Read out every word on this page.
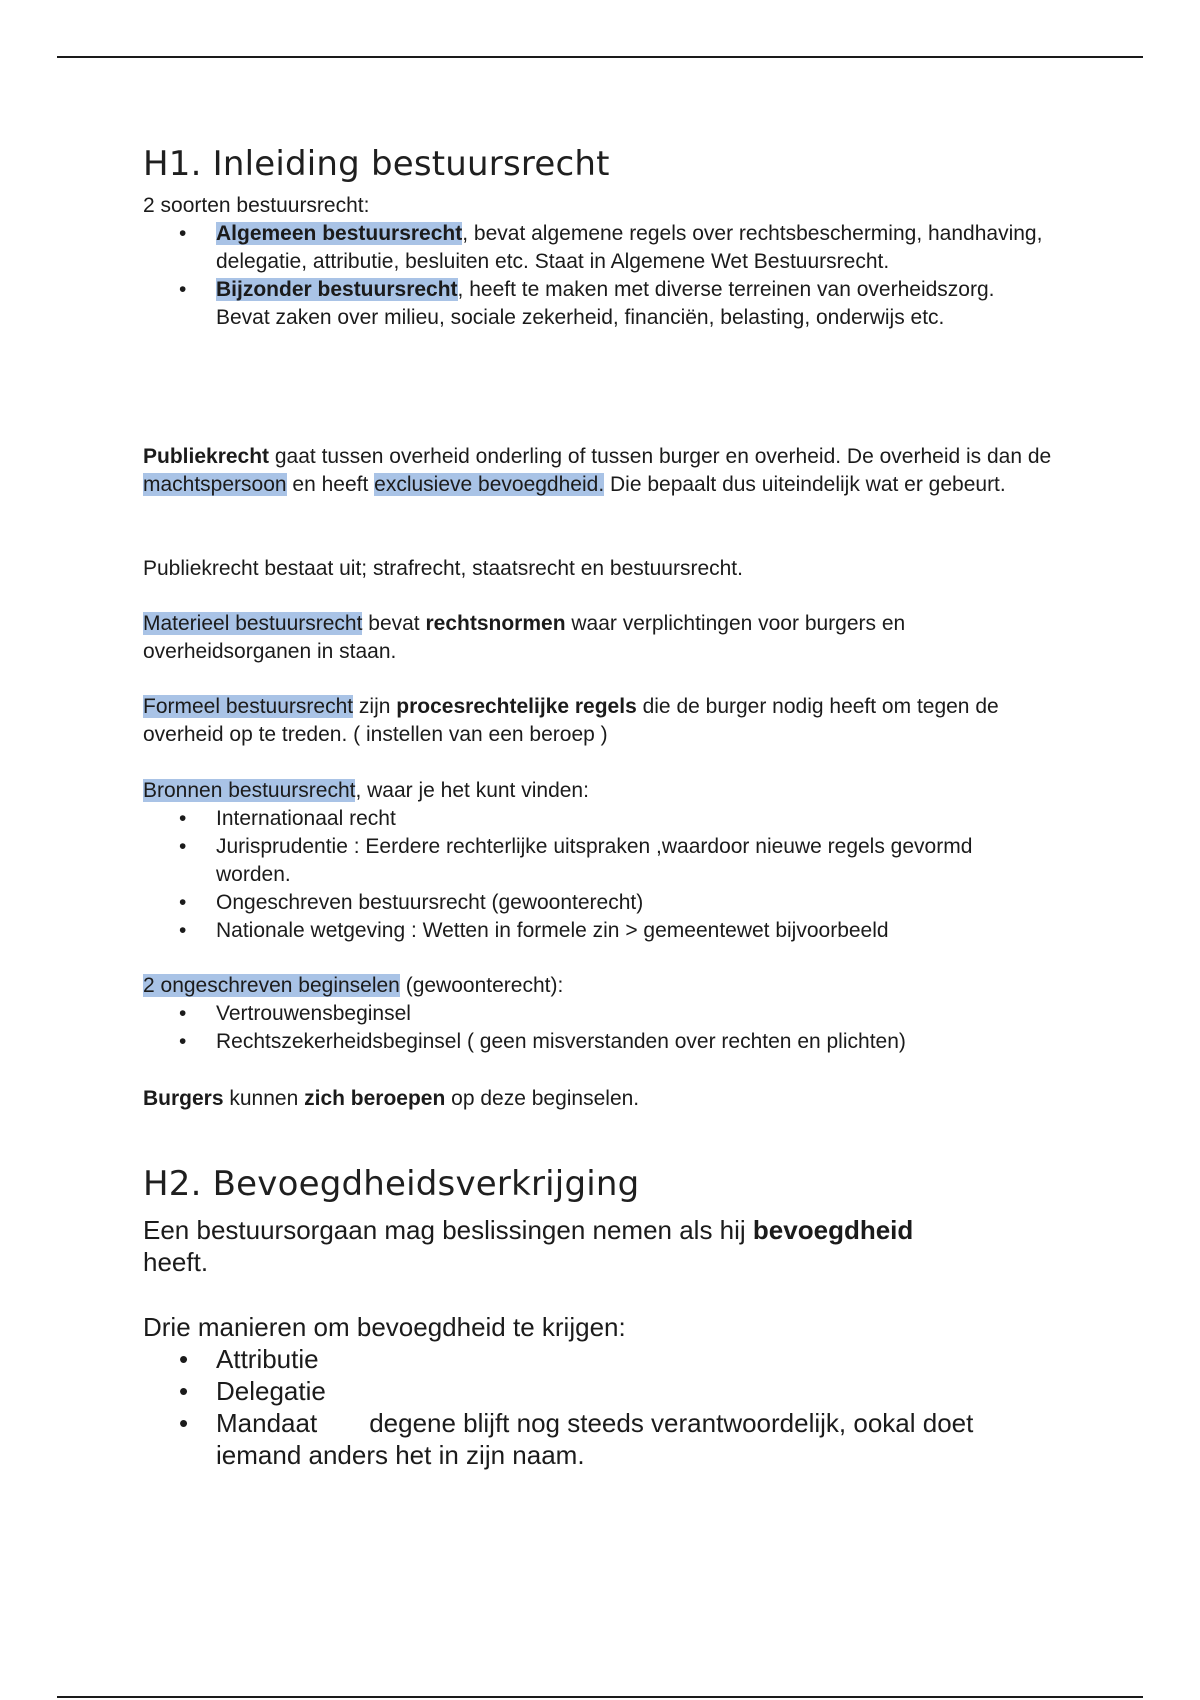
H1. Inleiding bestuursrecht

2 soorten bestuursrecht:

• Algemeen bestuursrecht, bevat algemene regels over rechtsbescherming, handhaving, delegatie, attributie, besluiten etc. Staat in Algemene Wet Bestuursrecht.
• Bijzonder bestuursrecht, heeft te maken met diverse terreinen van overheidszorg. Bevat zaken over milieu, sociale zekerheid, financiën, belasting, onderwijs etc.

Publiekrecht gaat tussen overheid onderling of tussen burger en overheid. De overheid is dan de machtspersoon en heeft exclusieve bevoegdheid. Die bepaalt dus uiteindelijk wat er gebeurt.

Publiekrecht bestaat uit; strafrecht, staatsrecht en bestuursrecht.

Materieel bestuursrecht bevat rechtsnormen waar verplichtingen voor burgers en overheidsorganen in staan.

Formeel bestuursrecht zijn procesrechtelijke regels die de burger nodig heeft om tegen de overheid op te treden. ( instellen van een beroep )

Bronnen bestuursrecht, waar je het kunt vinden:

• Internationaal recht
• Jurisprudentie : Eerdere rechterlijke uitspraken ,waardoor nieuwe regels gevormd worden.
• Ongeschreven bestuursrecht (gewoonterecht)
• Nationale wetgeving : Wetten in formele zin > gemeentewet bijvoorbeeld

2 ongeschreven beginselen (gewoonterecht):

• Vertrouwensbeginsel
• Rechtszekerheidsbeginsel ( geen misverstanden over rechten en plichten)

Burgers kunnen zich beroepen op deze beginselen.

H2. Bevoegdheidsverkrijging

Een bestuursorgaan mag beslissingen nemen als hij bevoegdheid heeft.

Drie manieren om bevoegdheid te krijgen:

• Attributie
• Delegatie
• Mandaat degene blijft nog steeds verantwoordelijk, ookal doet iemand anders het in zijn naam.
